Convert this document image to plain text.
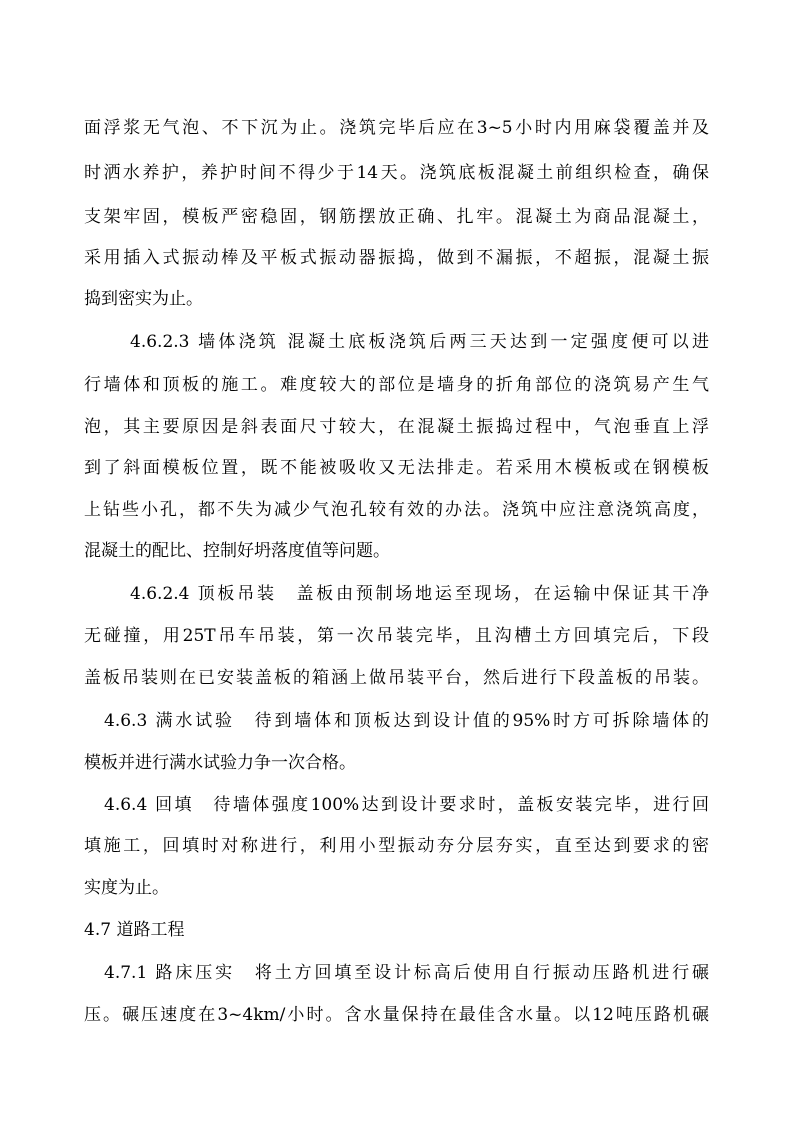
面浮浆无气泡、不下沉为止。浇筑完毕后应在3~5小时内用麻袋覆盖并及
时洒水养护，养护时间不得少于14天。浇筑底板混凝土前组织检查，确保
支架牢固，模板严密稳固，钢筋摆放正确、扎牢。混凝土为商品混凝土，
采用插入式振动棒及平板式振动器振捣，做到不漏振，不超振，混凝土振
捣到密实为止。
4.6.2.3 墙体浇筑 混凝土底板浇筑后两三天达到一定强度便可以进
行墙体和顶板的施工。难度较大的部位是墙身的折角部位的浇筑易产生气
泡，其主要原因是斜表面尺寸较大，在混凝土振捣过程中，气泡垂直上浮
到了斜面模板位置，既不能被吸收又无法排走。若采用木模板或在钢模板
上钻些小孔，都不失为减少气泡孔较有效的办法。浇筑中应注意浇筑高度，
混凝土的配比、控制好坍落度值等问题。
4.6.2.4 顶板吊装　盖板由预制场地运至现场，在运输中保证其干净
无碰撞，用25T吊车吊装，第一次吊装完毕，且沟槽土方回填完后，下段
盖板吊装则在已安装盖板的箱涵上做吊装平台，然后进行下段盖板的吊装。
4.6.3 满水试验　待到墙体和顶板达到设计值的95%时方可拆除墙体的
模板并进行满水试验力争一次合格。
4.6.4 回填　待墙体强度100%达到设计要求时，盖板安装完毕，进行回
填施工，回填时对称进行，利用小型振动夯分层夯实，直至达到要求的密
实度为止。
4.7 道路工程
4.7.1 路床压实　将土方回填至设计标高后使用自行振动压路机进行碾
压。碾压速度在3~4km/小时。含水量保持在最佳含水量。以12吨压路机碾
